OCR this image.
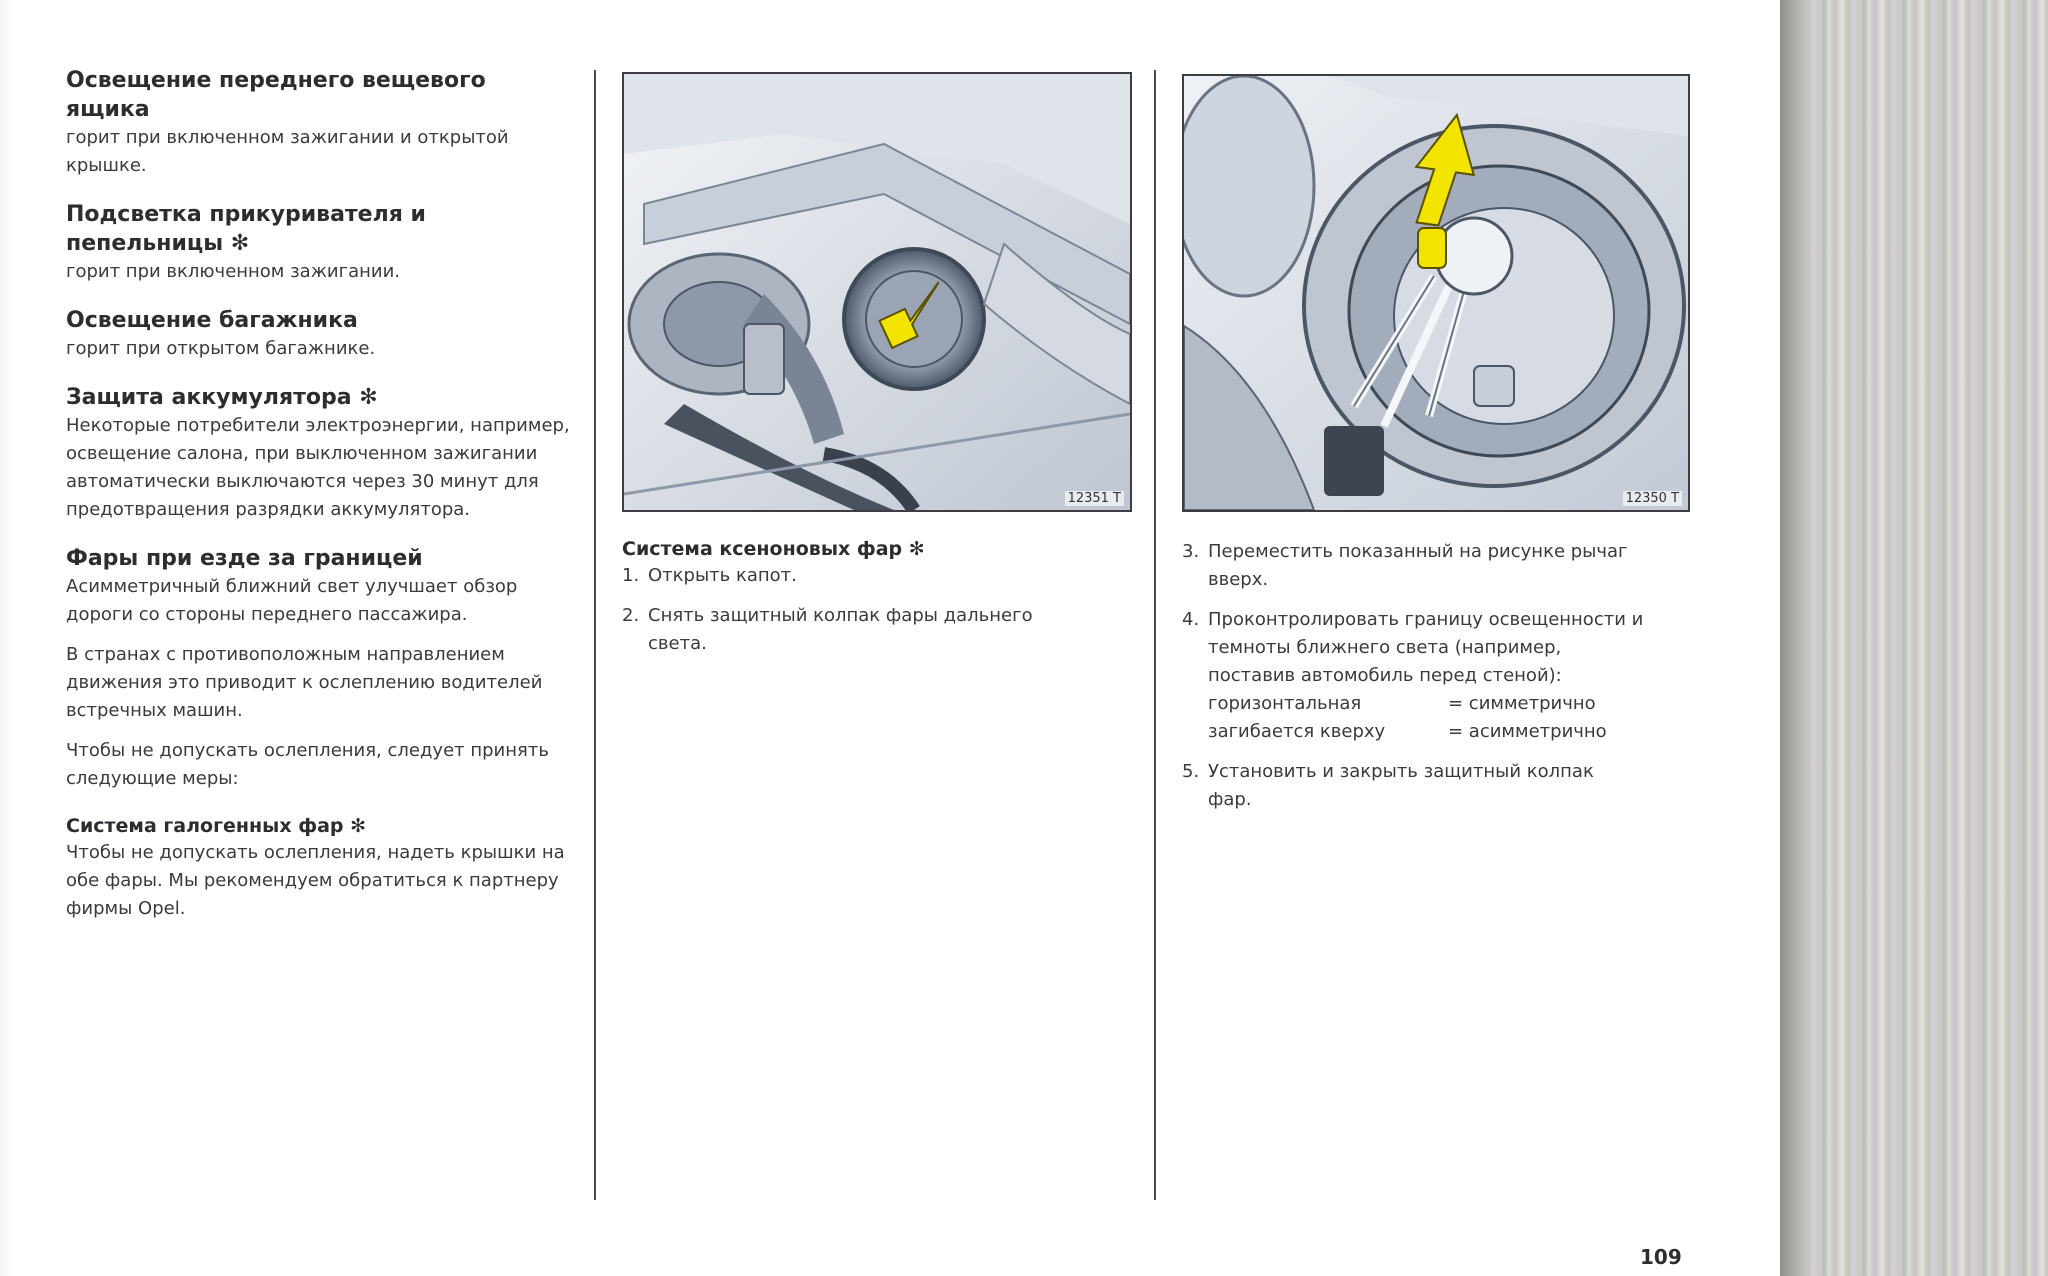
Освещение переднего вещевого ящика

горит при включенном зажигании и открытой крышке.

Подсветка прикуривателя и пепельницы ✻

горит при включенном зажигании.

Освещение багажника

горит при открытом багажнике.

Защита аккумулятора ✻

Некоторые потребители электроэнергии, например, освещение салона, при выключенном зажигании автоматически выключаются через 30 минут для предотвращения разрядки аккумулятора.

Фары при езде за границей

Асимметричный ближний свет улучшает обзор дороги со стороны переднего пассажира.

В странах с противоположным направлением движения это приводит к ослеплению водителей встречных машин.

Чтобы не допускать ослепления, следует принять следующие меры:

Система галогенных фар ✻

Чтобы не допускать ослепления, надеть крышки на обе фары. Мы рекомендуем обратиться к партнеру фирмы Opel.

12351 T
Система ксеноновых фар ✻
1. Открыть капот.
2. Снять защитный колпак фары дальнего света.
12350 T
3. Переместить показанный на рисунке рычаг вверх.
4. Проконтролировать границу освещенности и темноты ближнего света (например, поставив автомобиль перед стеной):
горизонтальная	= симметрично
загибается кверху	= асимметрично
5. Установить и закрыть защитный колпак фар.
109
